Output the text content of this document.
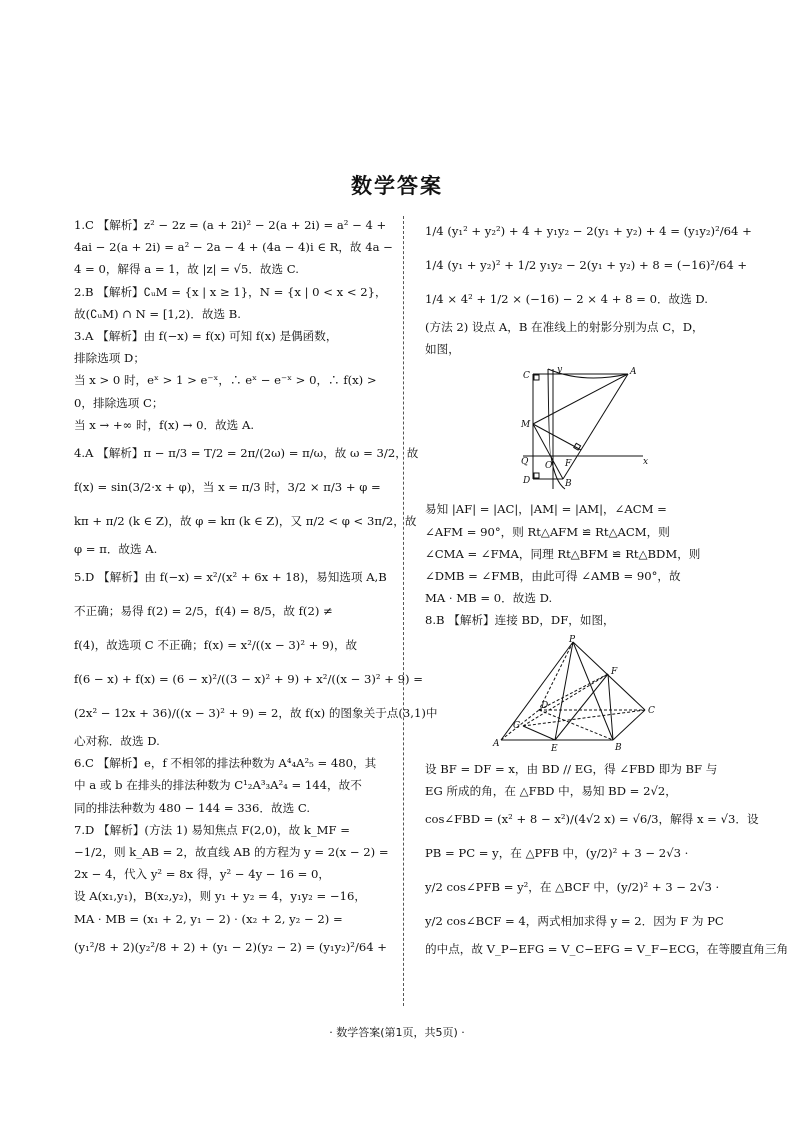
数学答案
1.C 【解析】z² − 2z = (a + 2i)² − 2(a + 2i) = a² − 4 +
4ai − 2(a + 2i) = a² − 2a − 4 + (4a − 4)i ∈ R，故 4a −
4 = 0，解得 a = 1，故 |z| = √5．故选 C.
2.B 【解析】∁ᵤM = {x | x ≥ 1}，N = {x | 0 < x < 2}，
故(∁ᵤM) ∩ N = [1,2)．故选 B.
3.A 【解析】由 f(−x) = f(x) 可知 f(x) 是偶函数，
排除选项 D；
当 x > 0 时，eˣ > 1 > e⁻ˣ，∴ eˣ − e⁻ˣ > 0，∴ f(x) >
0，排除选项 C；
当 x → +∞ 时，f(x) → 0．故选 A.
4.A 【解析】π − π/3 = T/2 = 2π/(2ω) = π/ω，故 ω = 3/2，故
f(x) = sin(3/2·x + φ)，当 x = π/3 时，3/2 × π/3 + φ =
kπ + π/2 (k ∈ Z)，故 φ = kπ (k ∈ Z)，又 π/2 < φ < 3π/2，故
φ = π．故选 A.
5.D 【解析】由 f(−x) = x²/(x² + 6x + 18)，易知选项 A,B
不正确；易得 f(2) = 2/5，f(4) = 8/5，故 f(2) ≠
f(4)，故选项 C 不正确；f(x) = x²/((x − 3)² + 9)，故
f(6 − x) + f(x) = (6 − x)²/((3 − x)² + 9) + x²/((x − 3)² + 9) =
(2x² − 12x + 36)/((x − 3)² + 9) = 2，故 f(x) 的图象关于点(3,1)中
心对称．故选 D.
6.C 【解析】e，f 不相邻的排法种数为 A⁴₄A²₅ = 480，其
中 a 或 b 在排头的排法种数为 C¹₂A³₃A²₄ = 144，故不
同的排法种数为 480 − 144 = 336．故选 C.
7.D 【解析】(方法 1) 易知焦点 F(2,0)，故 k_MF =
−1/2，则 k_AB = 2，故直线 AB 的方程为 y = 2(x − 2) =
2x − 4，代入 y² = 8x 得，y² − 4y − 16 = 0，
设 A(x₁,y₁)，B(x₂,y₂)，则 y₁ + y₂ = 4，y₁y₂ = −16，
MA · MB = (x₁ + 2, y₁ − 2) · (x₂ + 2, y₂ − 2) =
(y₁²/8 + 2)(y₂²/8 + 2) + (y₁ − 2)(y₂ − 2) = (y₁y₂)²/64 +
1/4 (y₁² + y₂²) + 4 + y₁y₂ − 2(y₁ + y₂) + 4 = (y₁y₂)²/64 +
1/4 (y₁ + y₂)² + 1/2 y₁y₂ − 2(y₁ + y₂) + 8 = (−16)²/64 +
1/4 × 4² + 1/2 × (−16) − 2 × 4 + 8 = 0．故选 D.
(方法 2) 设点 A，B 在准线上的射影分别为点 C，D，
如图，
C
y	A
M
Q O F	x
D	B
易知 |AF| = |AC|，|AM| = |AM|，∠ACM =
∠AFM = 90°，则 Rt△AFM ≌ Rt△ACM，则
∠CMA = ∠FMA，同理 Rt△BFM ≌ Rt△BDM，则
∠DMB = ∠FMB，由此可得 ∠AMB = 90°，故
MA · MB = 0．故选 D.
8.B 【解析】连接 BD，DF，如图，
P
F
D	C
G
A	E	B
设 BF = DF = x，由 BD // EG，得 ∠FBD 即为 BF 与
EG 所成的角，在 △FBD 中，易知 BD = 2√2，
cos∠FBD = (x² + 8 − x²)/(4√2 x) = √6/3，解得 x = √3．设
PB = PC = y，在 △PFB 中，(y/2)² + 3 − 2√3 ·
y/2 cos∠PFB = y²，在 △BCF 中，(y/2)² + 3 − 2√3 ·
y/2 cos∠BCF = 4，两式相加求得 y = 2．因为 F 为 PC
的中点，故 V_P−EFG = V_C−EFG = V_F−ECG，在等腰直角三角
· 数学答案(第1页，共5页) ·
